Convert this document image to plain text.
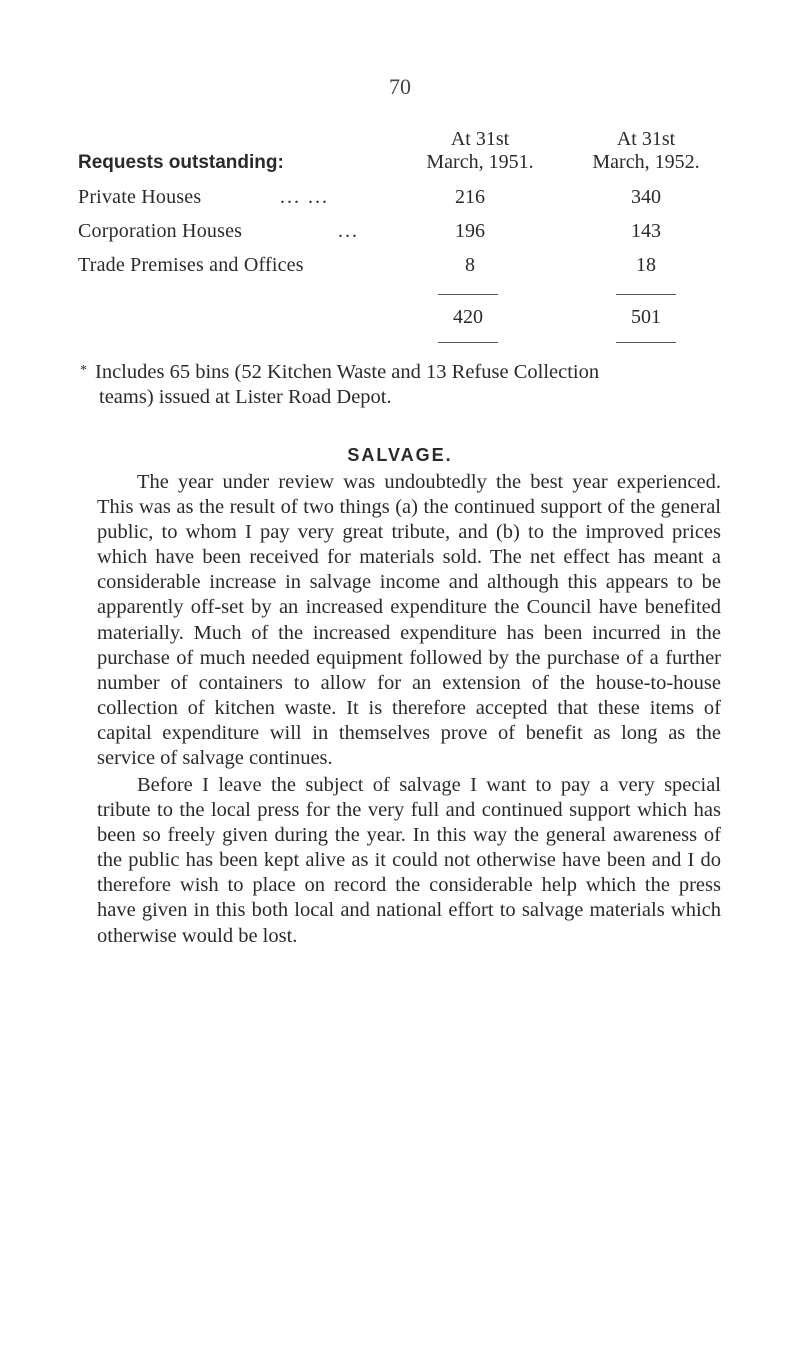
70
At 31st
March, 1951.
At 31st
March, 1952.
Requests outstanding:
Private Houses	... ...	216	340
Corporation Houses	...	196	143
Trade Premises and Offices	8	18
420	501
* Includes 65 bins (52 Kitchen Waste and 13 Refuse Collection
teams) issued at Lister Road Depot.
SALVAGE.

The year under review was undoubtedly the best year experienced. This was as the result of two things (a) the continued support of the general public, to whom I pay very great tribute, and (b) to the improved prices which have been received for materials sold. The net effect has meant a considerable increase in salvage income and although this appears to be apparently off-set by an increased expenditure the Council have benefited materially. Much of the increased expenditure has been incurred in the purchase of much needed equipment followed by the purchase of a further number of containers to allow for an extension of the house-to-house collection of kitchen waste. It is therefore accepted that these items of capital expenditure will in themselves prove of benefit as long as the service of salvage continues.

Before I leave the subject of salvage I want to pay a very special tribute to the local press for the very full and continued support which has been so freely given during the year. In this way the general awareness of the public has been kept alive as it could not otherwise have been and I do therefore wish to place on record the considerable help which the press have given in this both local and national effort to salvage materials which otherwise would be lost.
